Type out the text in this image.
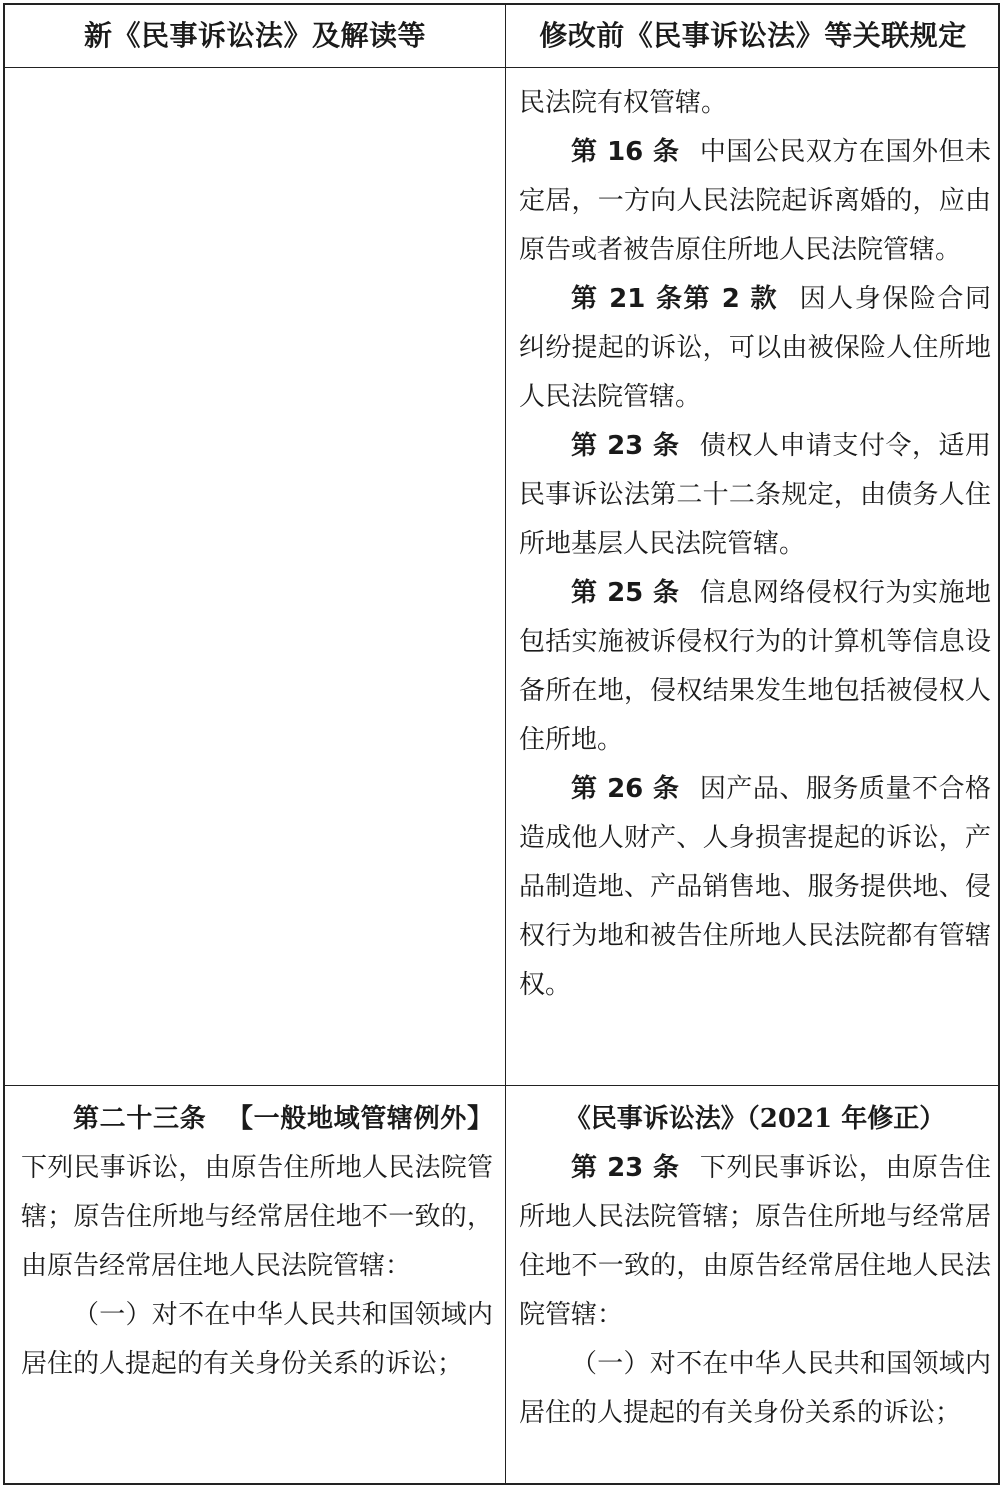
新《民事诉讼法》及解读等	修改前《民事诉讼法》等关联规定

民法院有权管辖。

第 16 条 中国公民双方在国外但未定居，一方向人民法院起诉离婚的，应由原告或者被告原住所地人民法院管辖。

第 21 条第 2 款 因人身保险合同纠纷提起的诉讼，可以由被保险人住所地人民法院管辖。

第 23 条 债权人申请支付令，适用民事诉讼法第二十二条规定，由债务人住所地基层人民法院管辖。

第 25 条 信息网络侵权行为实施地包括实施被诉侵权行为的计算机等信息设备所在地，侵权结果发生地包括被侵权人住所地。

第 26 条 因产品、服务质量不合格造成他人财产、人身损害提起的诉讼，产品制造地、产品销售地、服务提供地、侵权行为地和被告住所地人民法院都有管辖权。

第二十三条 【一般地域管辖例外】下列民事诉讼，由原告住所地人民法院管辖；原告住所地与经常居住地不一致的，由原告经常居住地人民法院管辖：

（一）对不在中华人民共和国领域内居住的人提起的有关身份关系的诉讼；

《民事诉讼法》（2021 年修正）

第 23 条 下列民事诉讼，由原告住所地人民法院管辖；原告住所地与经常居住地不一致的，由原告经常居住地人民法院管辖：

（一）对不在中华人民共和国领域内居住的人提起的有关身份关系的诉讼；
